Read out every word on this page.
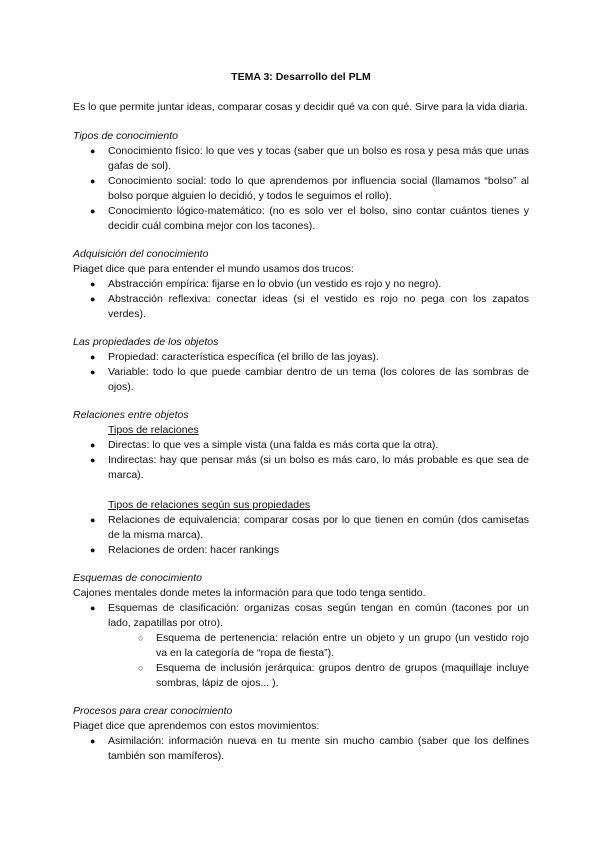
TEMA 3: Desarrollo del PLM

Es lo que permite juntar ideas, comparar cosas y decidir qué va con qué. Sirve para la vida diaria.

Tipos de conocimiento
● Conocimiento físico: lo que ves y tocas (saber que un bolso es rosa y pesa más que unas gafas de sol).
● Conocimiento social: todo lo que aprendemos por influencia social (llamamos “bolso” al bolso porque alguien lo decidió, y todos le seguimos el rollo).
● Conocimiento lógico-matemático: (no es solo ver el bolso, sino contar cuántos tienes y decidir cuál combina mejor con los tacones).
Adquisición del conocimiento

Piaget dice que para entender el mundo usamos dos trucos:

● Abstracción empírica: fijarse en lo obvio (un vestido es rojo y no negro).
● Abstracción reflexiva: conectar ideas (si el vestido es rojo no pega con los zapatos verdes).
Las propiedades de los objetos
● Propiedad: característica específica (el brillo de las joyas).
● Variable: todo lo que puede cambiar dentro de un tema (los colores de las sombras de ojos).
Relaciones entre objetos
Tipos de relaciones
● Directas: lo que ves a simple vista (una falda es más corta que la otra).
● Indirectas: hay que pensar más (si un bolso es más caro, lo más probable es que sea de marca).
Tipos de relaciones según sus propiedades
● Relaciones de equivalencia: comparar cosas por lo que tienen en común (dos camisetas de la misma marca).
● Relaciones de orden: hacer rankings
Esquemas de conocimiento

Cajones mentales donde metes la información para que todo tenga sentido.

● Esquemas de clasificación: organizas cosas según tengan en común (tacones por un lado, zapatillas por otro).
○ Esquema de pertenencia: relación entre un objeto y un grupo (un vestido rojo va en la categoría de “ropa de fiesta”).
○ Esquema de inclusión jerárquica: grupos dentro de grupos (maquillaje incluye sombras, lápiz de ojos... ).
Procesos para crear conocimiento

Piaget dice que aprendemos con estos movimientos:

● Asimilación: información nueva en tu mente sin mucho cambio (saber que los delfines también son mamíferos).
